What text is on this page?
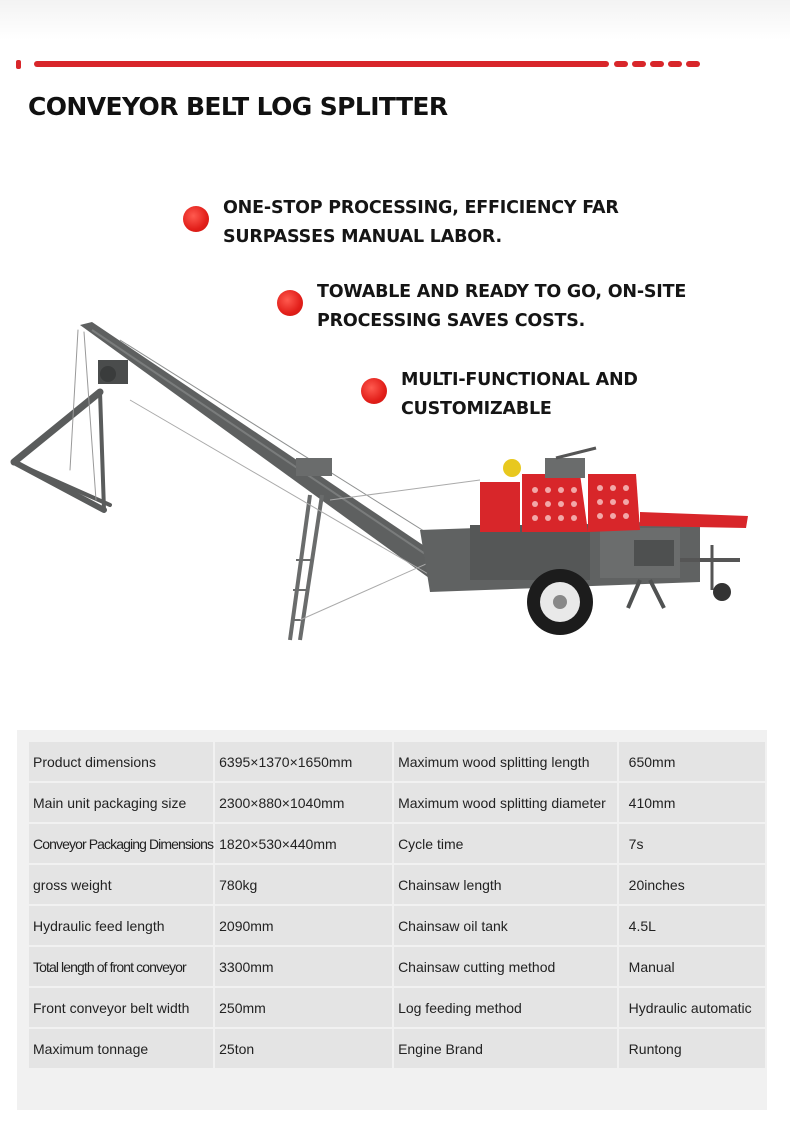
CONVEYOR BELT LOG SPLITTER
ONE-STOP PROCESSING, EFFICIENCY FAR
SURPASSES MANUAL LABOR.
TOWABLE AND READY TO GO, ON-SITE
PROCESSING SAVES COSTS.
MULTI-FUNCTIONAL AND
CUSTOMIZABLE
Product dimensions	6395×1370×1650mm	Maximum wood splitting length	650mm
Main unit packaging size	2300×880×1040mm	Maximum wood splitting diameter	410mm
Conveyor Packaging Dimensions	1820×530×440mm	Cycle time	7s
gross weight	780kg	Chainsaw length	20inches
Hydraulic feed length	2090mm	Chainsaw oil tank	4.5L
Total length of front conveyor	3300mm	Chainsaw cutting method	Manual
Front conveyor belt width	250mm	Log feeding method	Hydraulic automatic
Maximum tonnage	25ton	Engine Brand	Runtong
